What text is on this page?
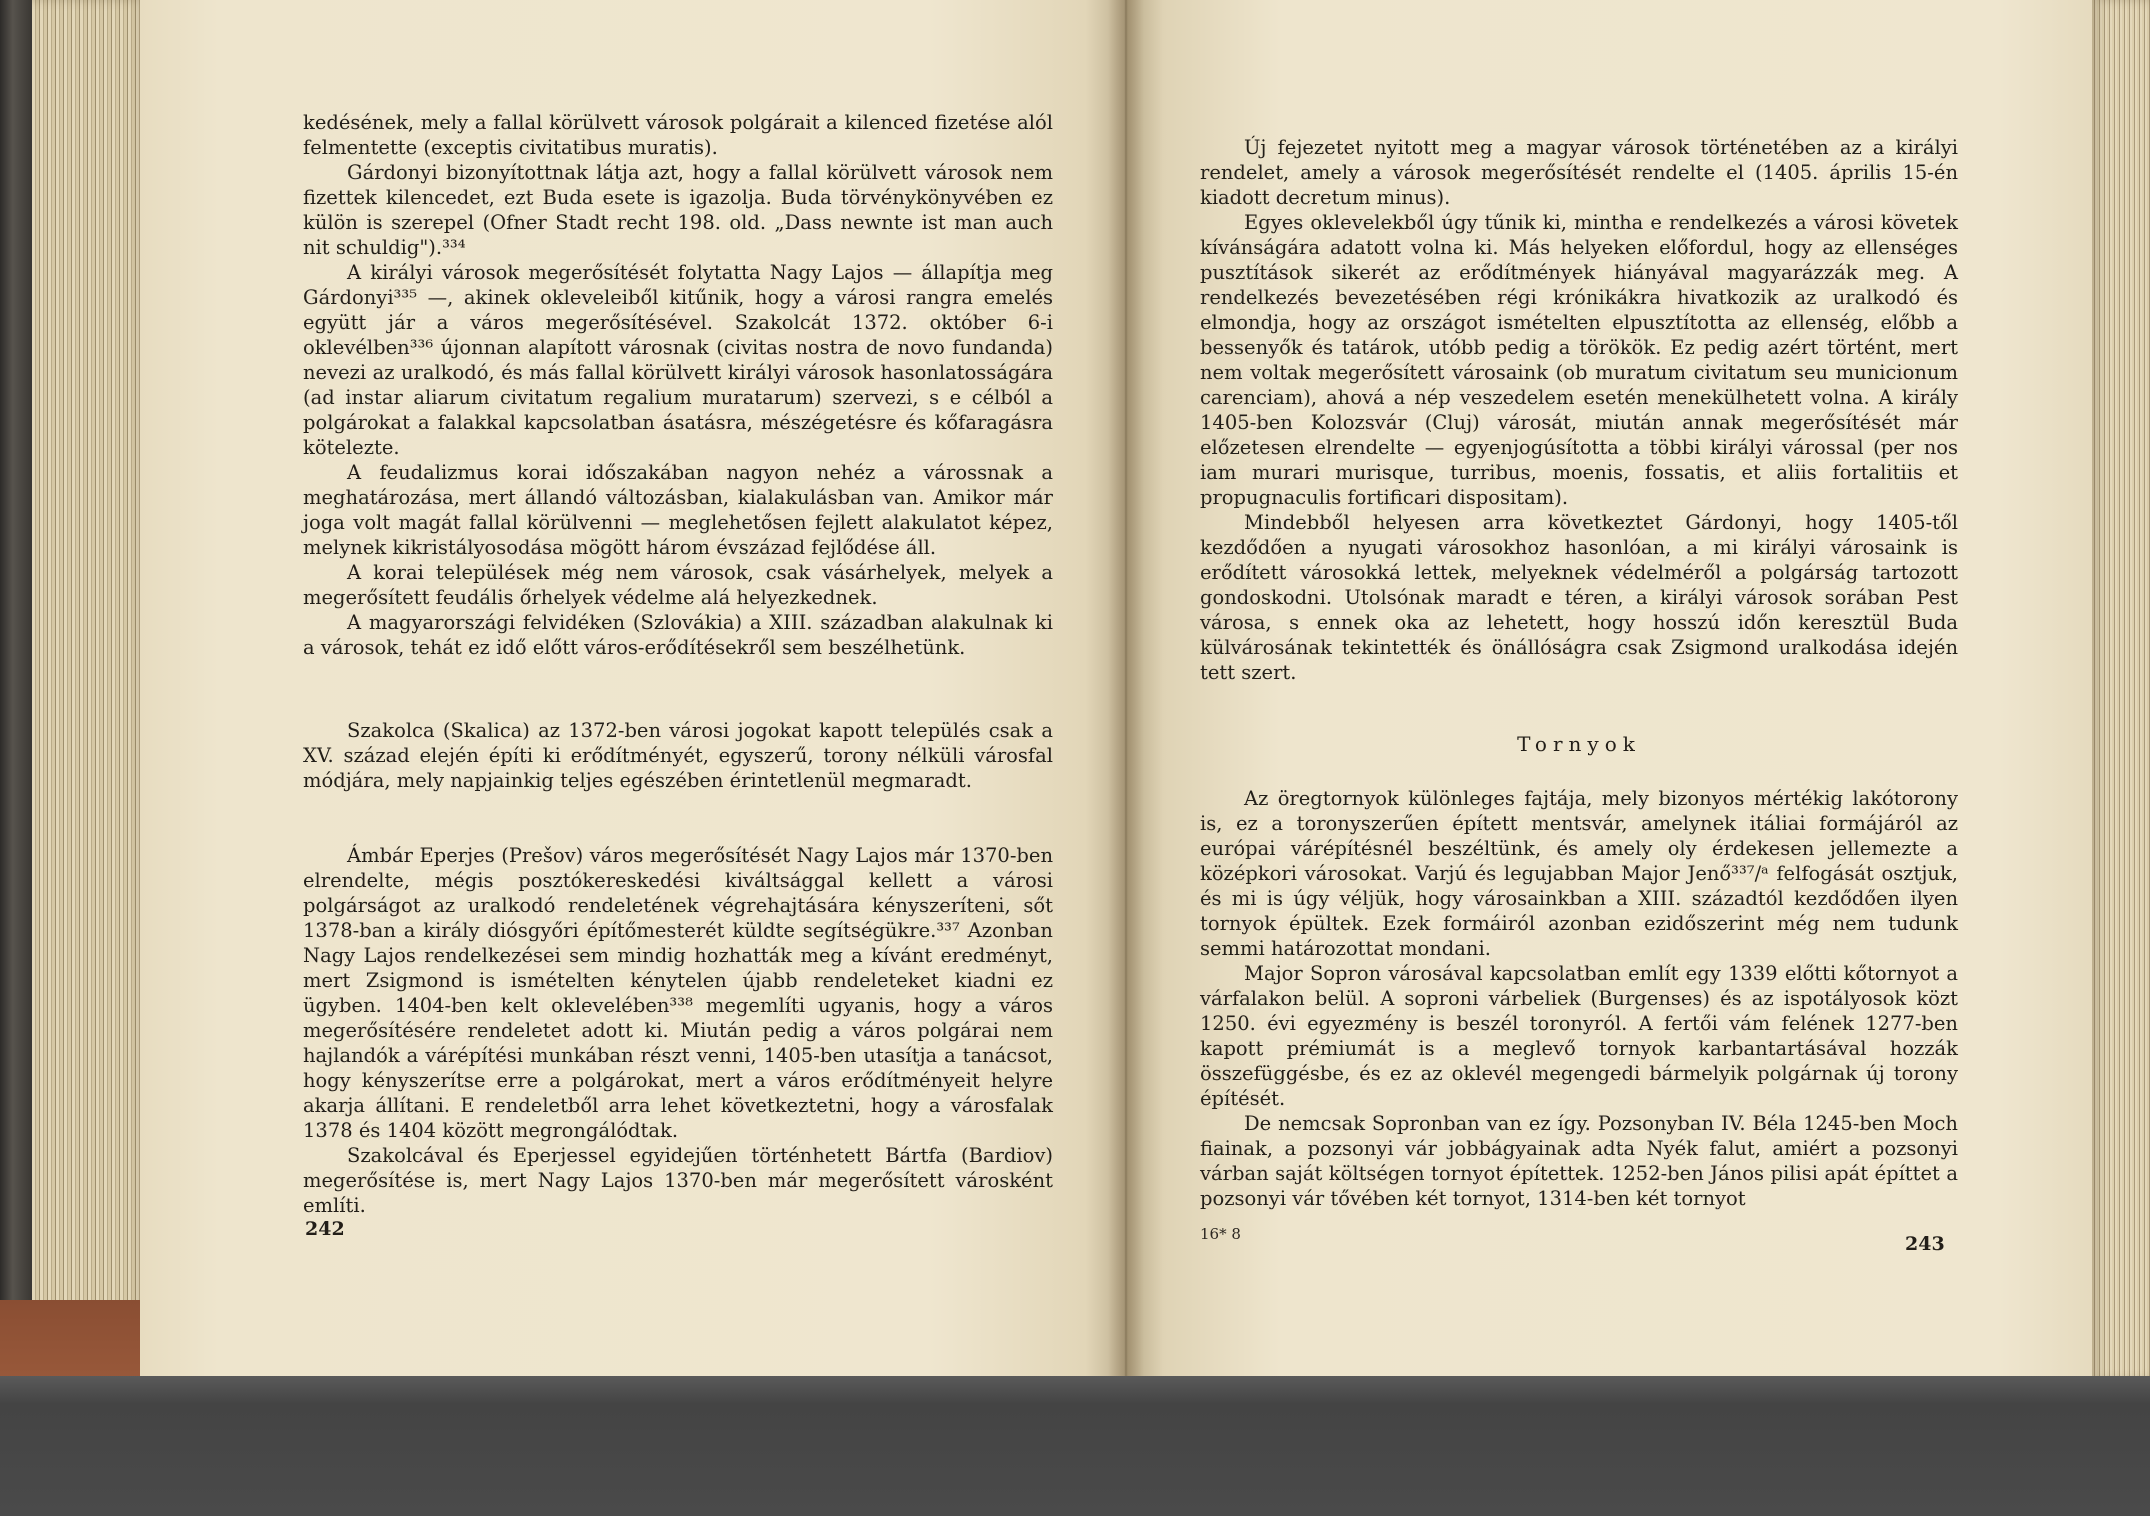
kedésének, mely a fallal körülvett városok polgárait a kilenced fizetése alól felmentette (exceptis civitatibus muratis).

Gárdonyi bizonyítottnak látja azt, hogy a fallal körülvett városok nem fizettek kilencedet, ezt Buda esete is igazolja. Buda törvénykönyvében ez külön is szerepel (Ofner Stadt recht 198. old. „Dass newnte ist man auch nit schuldig").³³⁴

A királyi városok megerősítését folytatta Nagy Lajos — állapítja meg Gárdonyi³³⁵ —, akinek okleveleiből kitűnik, hogy a városi rangra emelés együtt jár a város megerősítésével. Szakolcát 1372. október 6-i oklevélben³³⁶ újonnan alapított városnak (civitas nostra de novo fundanda) nevezi az uralkodó, és más fallal körülvett királyi városok hasonlatosságára (ad instar aliarum civitatum regalium muratarum) szervezi, s e célból a polgárokat a falakkal kapcsolatban ásatásra, mészégetésre és kőfaragásra kötelezte.

A feudalizmus korai időszakában nagyon nehéz a várossnak a meghatározása, mert állandó változásban, kialakulásban van. Amikor már joga volt magát fallal körülvenni — meglehetősen fejlett alakulatot képez, melynek kikristályosodása mögött három évszázad fejlődése áll.

A korai települések még nem városok, csak vásárhelyek, melyek a megerősített feudális őrhelyek védelme alá helyezkednek.

A magyarországi felvidéken (Szlovákia) a XIII. században alakulnak ki a városok, tehát ez idő előtt város-erődítésekről sem beszélhetünk.

Szakolca (Skalica) az 1372-ben városi jogokat kapott település csak a XV. század elején építi ki erődítményét, egyszerű, torony nélküli városfal módjára, mely napjainkig teljes egészében érintetlenül megmaradt.

Ámbár Eperjes (Prešov) város megerősítését Nagy Lajos már 1370-ben elrendelte, mégis posztókereskedési kiváltsággal kellett a városi polgárságot az uralkodó rendeletének végrehajtására kényszeríteni, sőt 1378-ban a király diósgyőri építőmesterét küldte segítségükre.³³⁷ Azonban Nagy Lajos rendelkezései sem mindig hozhatták meg a kívánt eredményt, mert Zsigmond is ismételten kénytelen újabb rendeleteket kiadni ez ügyben. 1404-ben kelt oklevelében³³⁸ megemlíti ugyanis, hogy a város megerősítésére rendeletet adott ki. Miután pedig a város polgárai nem hajlandók a várépítési munkában részt venni, 1405-ben utasítja a tanácsot, hogy kényszerítse erre a polgárokat, mert a város erődítményeit helyre akarja állítani. E rendeletből arra lehet következtetni, hogy a városfalak 1378 és 1404 között megrongálódtak.

Szakolcával és Eperjessel egyidejűen történhetett Bártfa (Bardiov) megerősítése is, mert Nagy Lajos 1370-ben már megerősített városként említi.

242

Új fejezetet nyitott meg a magyar városok történetében az a királyi rendelet, amely a városok megerősítését rendelte el (1405. április 15-én kiadott decretum minus).

Egyes oklevelekből úgy tűnik ki, mintha e rendelkezés a városi követek kívánságára adatott volna ki. Más helyeken előfordul, hogy az ellenséges pusztítások sikerét az erődítmények hiányával magyarázzák meg. A rendelkezés bevezetésében régi krónikákra hivatkozik az uralkodó és elmondja, hogy az országot ismételten elpusztította az ellenség, előbb a bessenyők és tatárok, utóbb pedig a törökök. Ez pedig azért történt, mert nem voltak megerősített városaink (ob muratum civitatum seu municionum carenciam), ahová a nép veszedelem esetén menekülhetett volna. A király 1405-ben Kolozsvár (Cluj) városát, miután annak megerősítését már előzetesen elrendelte — egyenjogúsította a többi királyi várossal (per nos iam murari murisque, turribus, moenis, fossatis, et aliis fortalitiis et propugnaculis fortificari dispositam).

Mindebből helyesen arra következtet Gárdonyi, hogy 1405-től kezdődően a nyugati városokhoz hasonlóan, a mi királyi városaink is erődített városokká lettek, melyeknek védelméről a polgárság tartozott gondoskodni. Utolsónak maradt e téren, a királyi városok sorában Pest városa, s ennek oka az lehetett, hogy hosszú időn keresztül Buda külvárosának tekintették és önállóságra csak Zsigmond uralkodása idején tett szert.

Tornyok

Az öregtornyok különleges fajtája, mely bizonyos mértékig lakótorony is, ez a toronyszerűen épített mentsvár, amelynek itáliai formájáról az európai várépítésnél beszéltünk, és amely oly érdekesen jellemezte a középkori városokat. Varjú és legujabban Major Jenő³³⁷/ᵃ felfogását osztjuk, és mi is úgy véljük, hogy városainkban a XIII. századtól kezdődően ilyen tornyok épültek. Ezek formáiról azonban ezidőszerint még nem tudunk semmi határozottat mondani.

Major Sopron városával kapcsolatban említ egy 1339 előtti kőtornyot a várfalakon belül. A soproni várbeliek (Burgenses) és az ispotályosok közt 1250. évi egyezmény is beszél toronyról. A fertői vám felének 1277-ben kapott prémiumát is a meglevő tornyok karbantartásával hozzák összefüggésbe, és ez az oklevél megengedi bármelyik polgárnak új torony építését.

De nemcsak Sopronban van ez így. Pozsonyban IV. Béla 1245-ben Moch fiainak, a pozsonyi vár jobbágyainak adta Nyék falut, amiért a pozsonyi várban saját költségen tornyot építettek. 1252-ben János pilisi apát építtet a pozsonyi vár tővében két tornyot, 1314-ben két tornyot

16* 8	243
